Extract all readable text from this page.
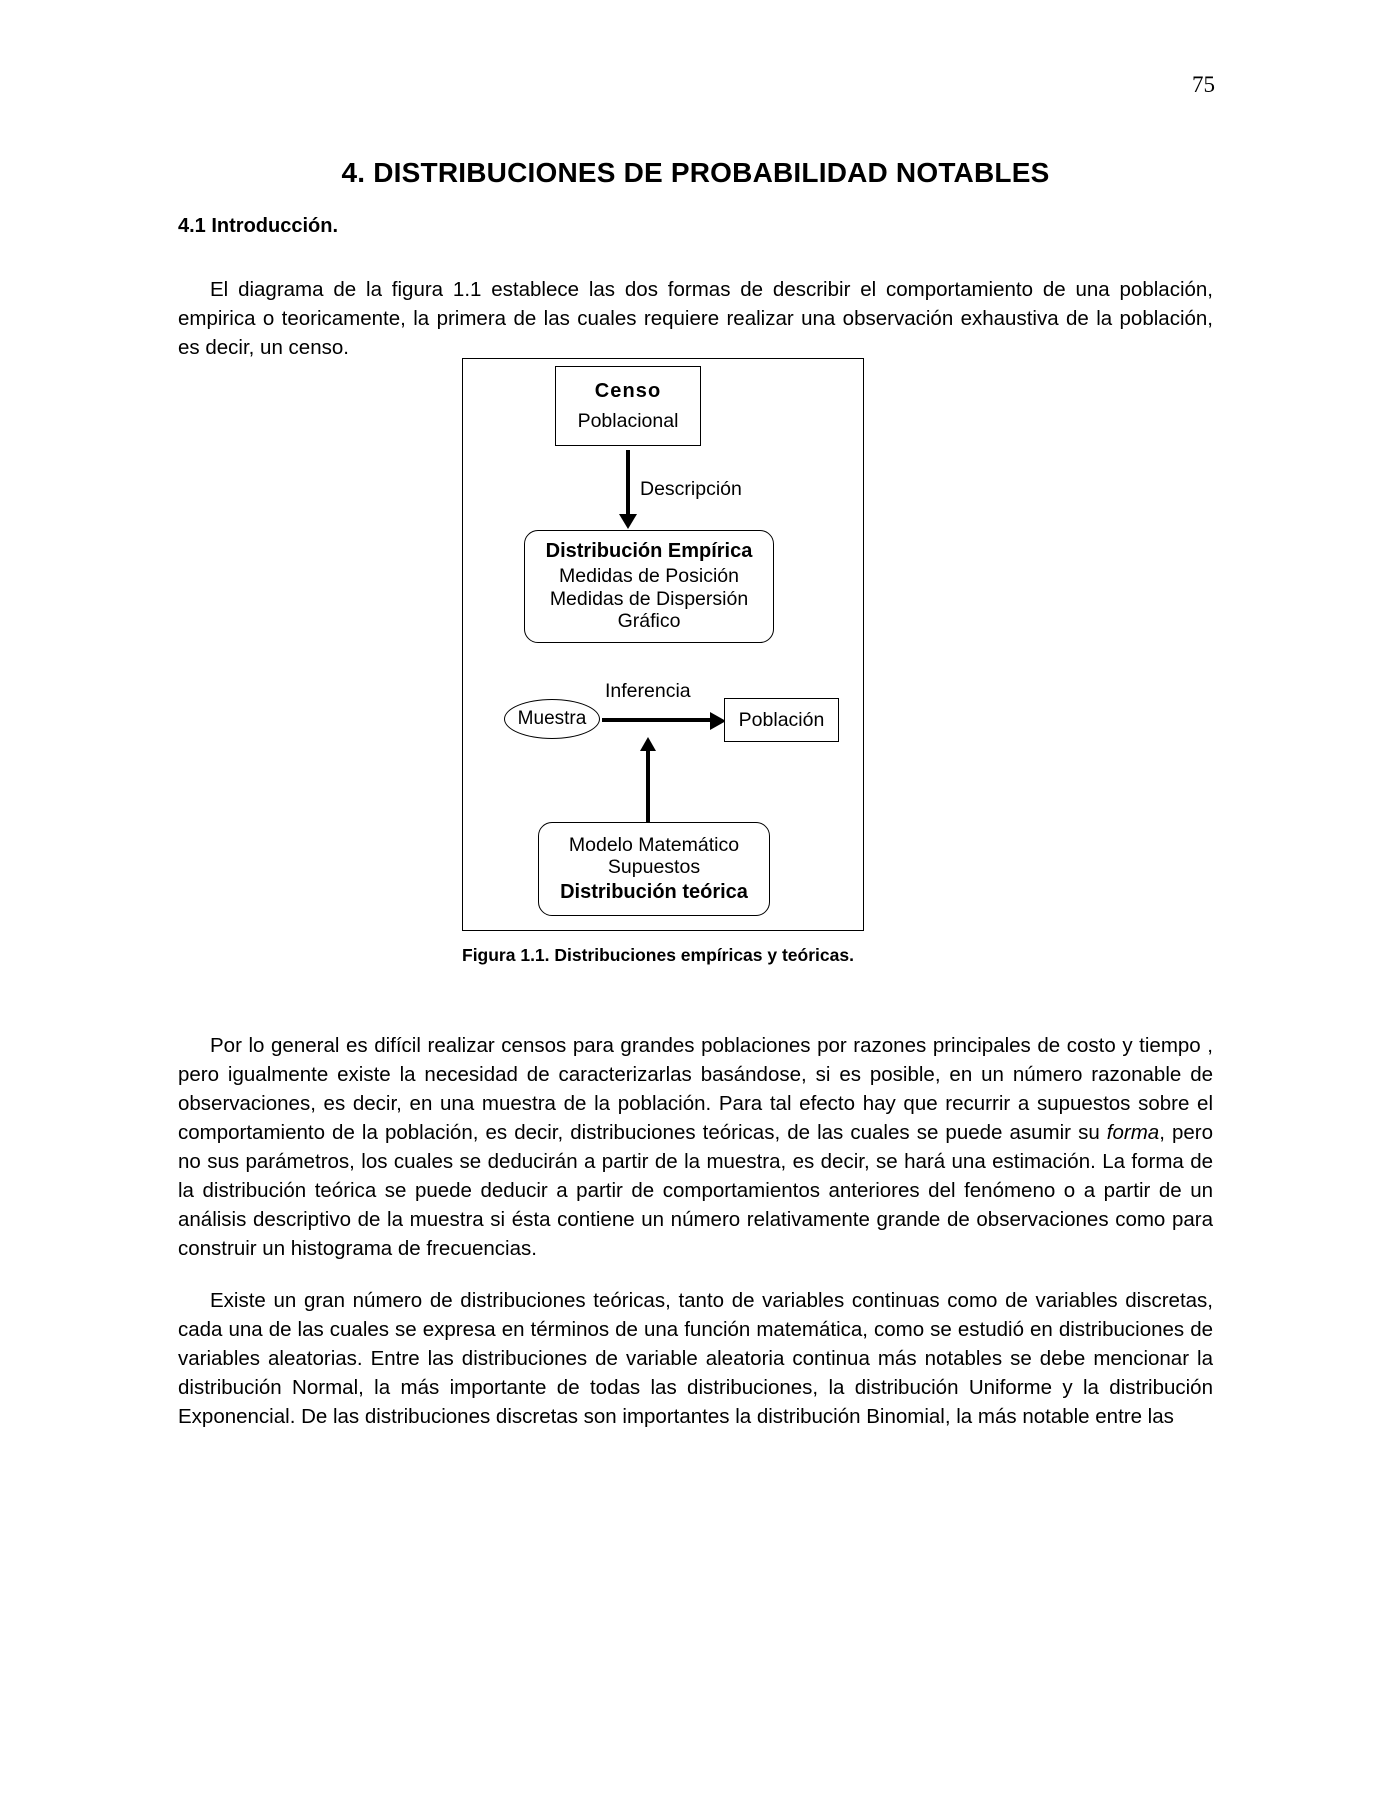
75
4. DISTRIBUCIONES DE PROBABILIDAD NOTABLES
4.1 Introducción.

El diagrama de la figura 1.1 establece las dos formas de describir el comportamiento de una población, empirica o teoricamente, la primera de las cuales requiere realizar una observación exhaustiva de la población, es decir, un censo.

Censo
Poblacional
Descripción
Distribución Empírica
Medidas de Posición
Medidas de Dispersión
Gráfico
Muestra
Inferencia
Población
Modelo Matemático
Supuestos
Distribución teórica
Figura 1.1. Distribuciones empíricas y teóricas.

Por lo general es difícil realizar censos para grandes poblaciones por razones principales de costo y tiempo , pero igualmente existe la necesidad de caracterizarlas basándose, si es posible, en un número razonable de observaciones, es decir, en una muestra de la población. Para tal efecto hay que recurrir a supuestos sobre el comportamiento de la población, es decir, distribuciones teóricas, de las cuales se puede asumir su forma, pero no sus parámetros, los cuales se deducirán a partir de la muestra, es decir, se hará una estimación. La forma de la distribución teórica se puede deducir a partir de comportamientos anteriores del fenómeno o a partir de un análisis descriptivo de la muestra si ésta contiene un número relativamente grande de observaciones como para construir un histograma de frecuencias.

Existe un gran número de distribuciones teóricas, tanto de variables continuas como de variables discretas, cada una de las cuales se expresa en términos de una función matemática, como se estudió en distribuciones de variables aleatorias. Entre las distribuciones de variable aleatoria continua más notables se debe mencionar la distribución Normal, la más importante de todas las distribuciones, la distribución Uniforme y la distribución Exponencial. De las distribuciones discretas son importantes la distribución Binomial, la más notable entre las
